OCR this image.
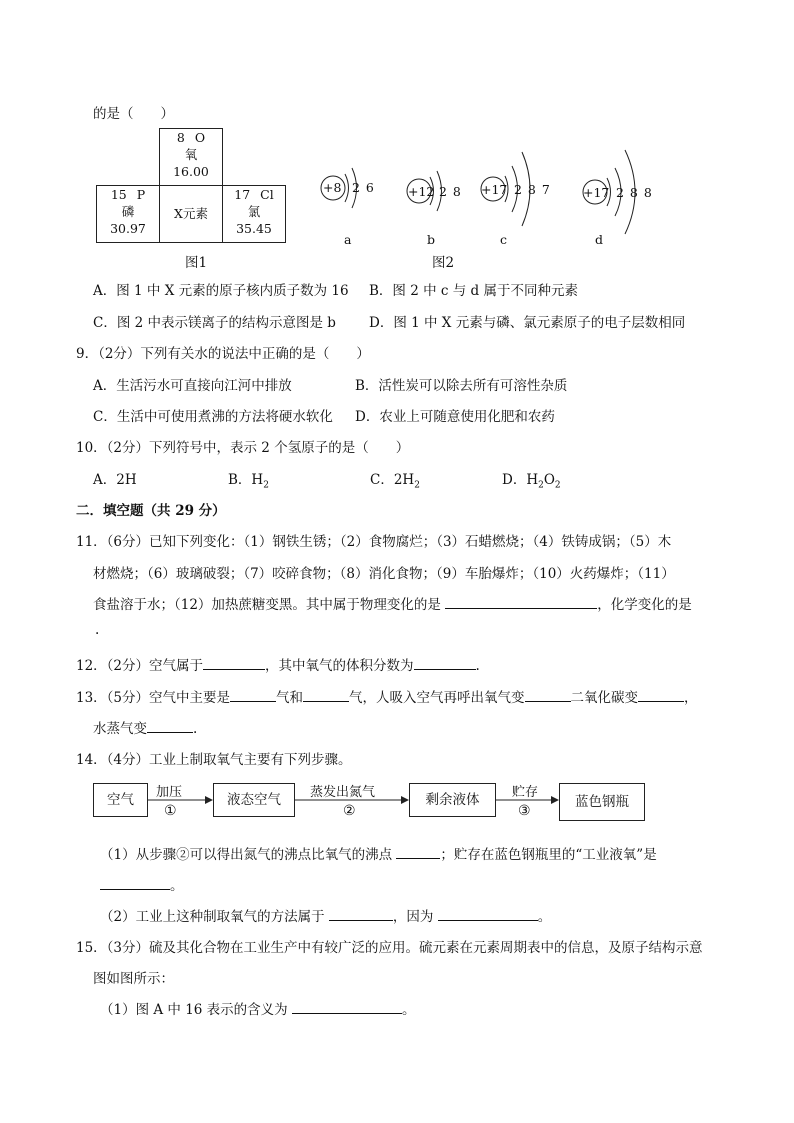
的是（　　）
8 O
氧
16.00
15 P
磷
30.97
X元素
17 Cl
氯
35.45
图1
+8 2 6
a
+12 2 8
b
+17 2 8 7
c
+17 2 8 8
d
图2
A．图 1 中 X 元素的原子核内质子数为 16 B．图 2 中 c 与 d 属于不同种元素
C．图 2 中表示镁离子的结构示意图是 b D．图 1 中 X 元素与磷、氯元素原子的电子层数相同
9．（2分）下列有关水的说法中正确的是（　　）
A．生活污水可直接向江河中排放	B．活性炭可以除去所有可溶性杂质
C．生活中可使用煮沸的方法将硬水软化 D．农业上可随意使用化肥和农药
10．（2分）下列符号中，表示 2 个氢原子的是（　　）
A．2H	B．$H_2$	C．$2H_2$	D．$H_2O_2$
二．填空题（共 29 分）
11．（6分）已知下列变化：（1）钢铁生锈；（2）食物腐烂；（3）石蜡燃烧；（4）铁铸成锅；（5）木
材燃烧；（6）玻璃破裂；（7）咬碎食物；（8）消化食物；（9）车胎爆炸；（10）火药爆炸；（11）
食盐溶于水；（12）加热蔗糖变黑。其中属于物理变化的是	，化学变化的是
.
12．（2分）空气属于	，其中氧气的体积分数为	.
13．（5分）空气中主要是	气和	气，人吸入空气再呼出氧气变	二氧化碳变	，
水蒸气变	.
14．（4分）工业上制取氧气主要有下列步骤。
空气	液态空气	剩余液体	蓝色钢瓶
加压
①
蒸发出氮气
②
贮存
③
（1）从步骤②可以得出氮气的沸点比氧气的沸点	；贮存在蓝色钢瓶里的“工业液氧”是
。
（2）工业上这种制取氧气的方法属于	，因为	。
15．（3分）硫及其化合物在工业生产中有较广泛的应用。硫元素在元素周期表中的信息，及原子结构示意
图如图所示：
（1）图 A 中 16 表示的含义为	。
